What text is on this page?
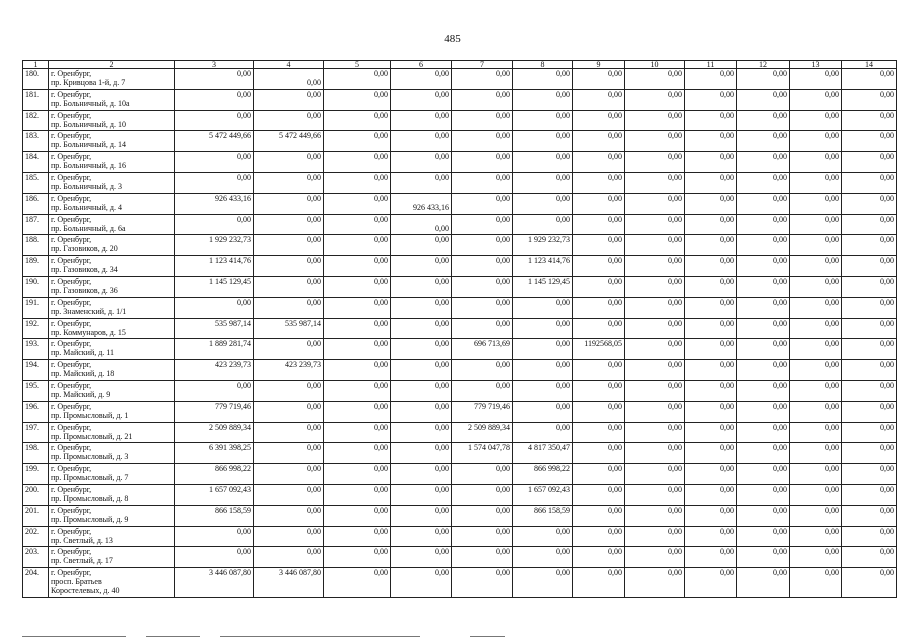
485
1	2	3	4	5	6	7	8	9	10	11	12	13	14
180.	г. Оренбург,
пр. Кривцова 1-й, д. 7	0,00	0,00	0,00	0,00	0,00	0,00	0,00	0,00	0,00	0,00	0,00	0,00
181.	г. Оренбург,
пр. Больничный, д. 10а	0,00	0,00	0,00	0,00	0,00	0,00	0,00	0,00	0,00	0,00	0,00	0,00
182.	г. Оренбург,
пр. Больничный, д. 10	0,00	0,00	0,00	0,00	0,00	0,00	0,00	0,00	0,00	0,00	0,00	0,00
183.	г. Оренбург,
пр. Больничный, д. 14	5 472 449,66	5 472 449,66	0,00	0,00	0,00	0,00	0,00	0,00	0,00	0,00	0,00	0,00
184.	г. Оренбург,
пр. Больничный, д. 16	0,00	0,00	0,00	0,00	0,00	0,00	0,00	0,00	0,00	0,00	0,00	0,00
185.	г. Оренбург,
пр. Больничный, д. 3	0,00	0,00	0,00	0,00	0,00	0,00	0,00	0,00	0,00	0,00	0,00	0,00
186.	г. Оренбург,
пр. Больничный, д. 4	926 433,16	0,00	0,00	926 433,16	0,00	0,00	0,00	0,00	0,00	0,00	0,00	0,00
187.	г. Оренбург,
пр. Больничный, д. 6а	0,00	0,00	0,00	0,00	0,00	0,00	0,00	0,00	0,00	0,00	0,00	0,00
188.	г. Оренбург,
пр. Газовиков, д. 20	1 929 232,73	0,00	0,00	0,00	0,00	1 929 232,73	0,00	0,00	0,00	0,00	0,00	0,00
189.	г. Оренбург,
пр. Газовиков, д. 34	1 123 414,76	0,00	0,00	0,00	0,00	1 123 414,76	0,00	0,00	0,00	0,00	0,00	0,00
190.	г. Оренбург,
пр. Газовиков, д. 36	1 145 129,45	0,00	0,00	0,00	0,00	1 145 129,45	0,00	0,00	0,00	0,00	0,00	0,00
191.	г. Оренбург,
пр. Знаменский, д. 1/1	0,00	0,00	0,00	0,00	0,00	0,00	0,00	0,00	0,00	0,00	0,00	0,00
192.	г. Оренбург,
пр. Коммунаров, д. 15	535 987,14	535 987,14	0,00	0,00	0,00	0,00	0,00	0,00	0,00	0,00	0,00	0,00
193.	г. Оренбург,
пр. Майский, д. 11	1 889 281,74	0,00	0,00	0,00	696 713,69	0,00	1192568,05	0,00	0,00	0,00	0,00	0,00
194.	г. Оренбург,
пр. Майский, д. 18	423 239,73	423 239,73	0,00	0,00	0,00	0,00	0,00	0,00	0,00	0,00	0,00	0,00
195.	г. Оренбург,
пр. Майский, д. 9	0,00	0,00	0,00	0,00	0,00	0,00	0,00	0,00	0,00	0,00	0,00	0,00
196.	г. Оренбург,
пр. Промысловый, д. 1	779 719,46	0,00	0,00	0,00	779 719,46	0,00	0,00	0,00	0,00	0,00	0,00	0,00
197.	г. Оренбург,
пр. Промысловый, д. 21	2 509 889,34	0,00	0,00	0,00	2 509 889,34	0,00	0,00	0,00	0,00	0,00	0,00	0,00
198.	г. Оренбург,
пр. Промысловый, д. 3	6 391 398,25	0,00	0,00	0,00	1 574 047,78	4 817 350,47	0,00	0,00	0,00	0,00	0,00	0,00
199.	г. Оренбург,
пр. Промысловый, д. 7	866 998,22	0,00	0,00	0,00	0,00	866 998,22	0,00	0,00	0,00	0,00	0,00	0,00
200.	г. Оренбург,
пр. Промысловый, д. 8	1 657 092,43	0,00	0,00	0,00	0,00	1 657 092,43	0,00	0,00	0,00	0,00	0,00	0,00
201.	г. Оренбург,
пр. Промысловый, д. 9	866 158,59	0,00	0,00	0,00	0,00	866 158,59	0,00	0,00	0,00	0,00	0,00	0,00
202.	г. Оренбург,
пр. Светлый, д. 13	0,00	0,00	0,00	0,00	0,00	0,00	0,00	0,00	0,00	0,00	0,00	0,00
203.	г. Оренбург,
пр. Светлый, д. 17	0,00	0,00	0,00	0,00	0,00	0,00	0,00	0,00	0,00	0,00	0,00	0,00
204.	г. Оренбург,
просп. Братьев
Коростелевых, д. 40	3 446 087,80	3 446 087,80	0,00	0,00	0,00	0,00	0,00	0,00	0,00	0,00	0,00	0,00
